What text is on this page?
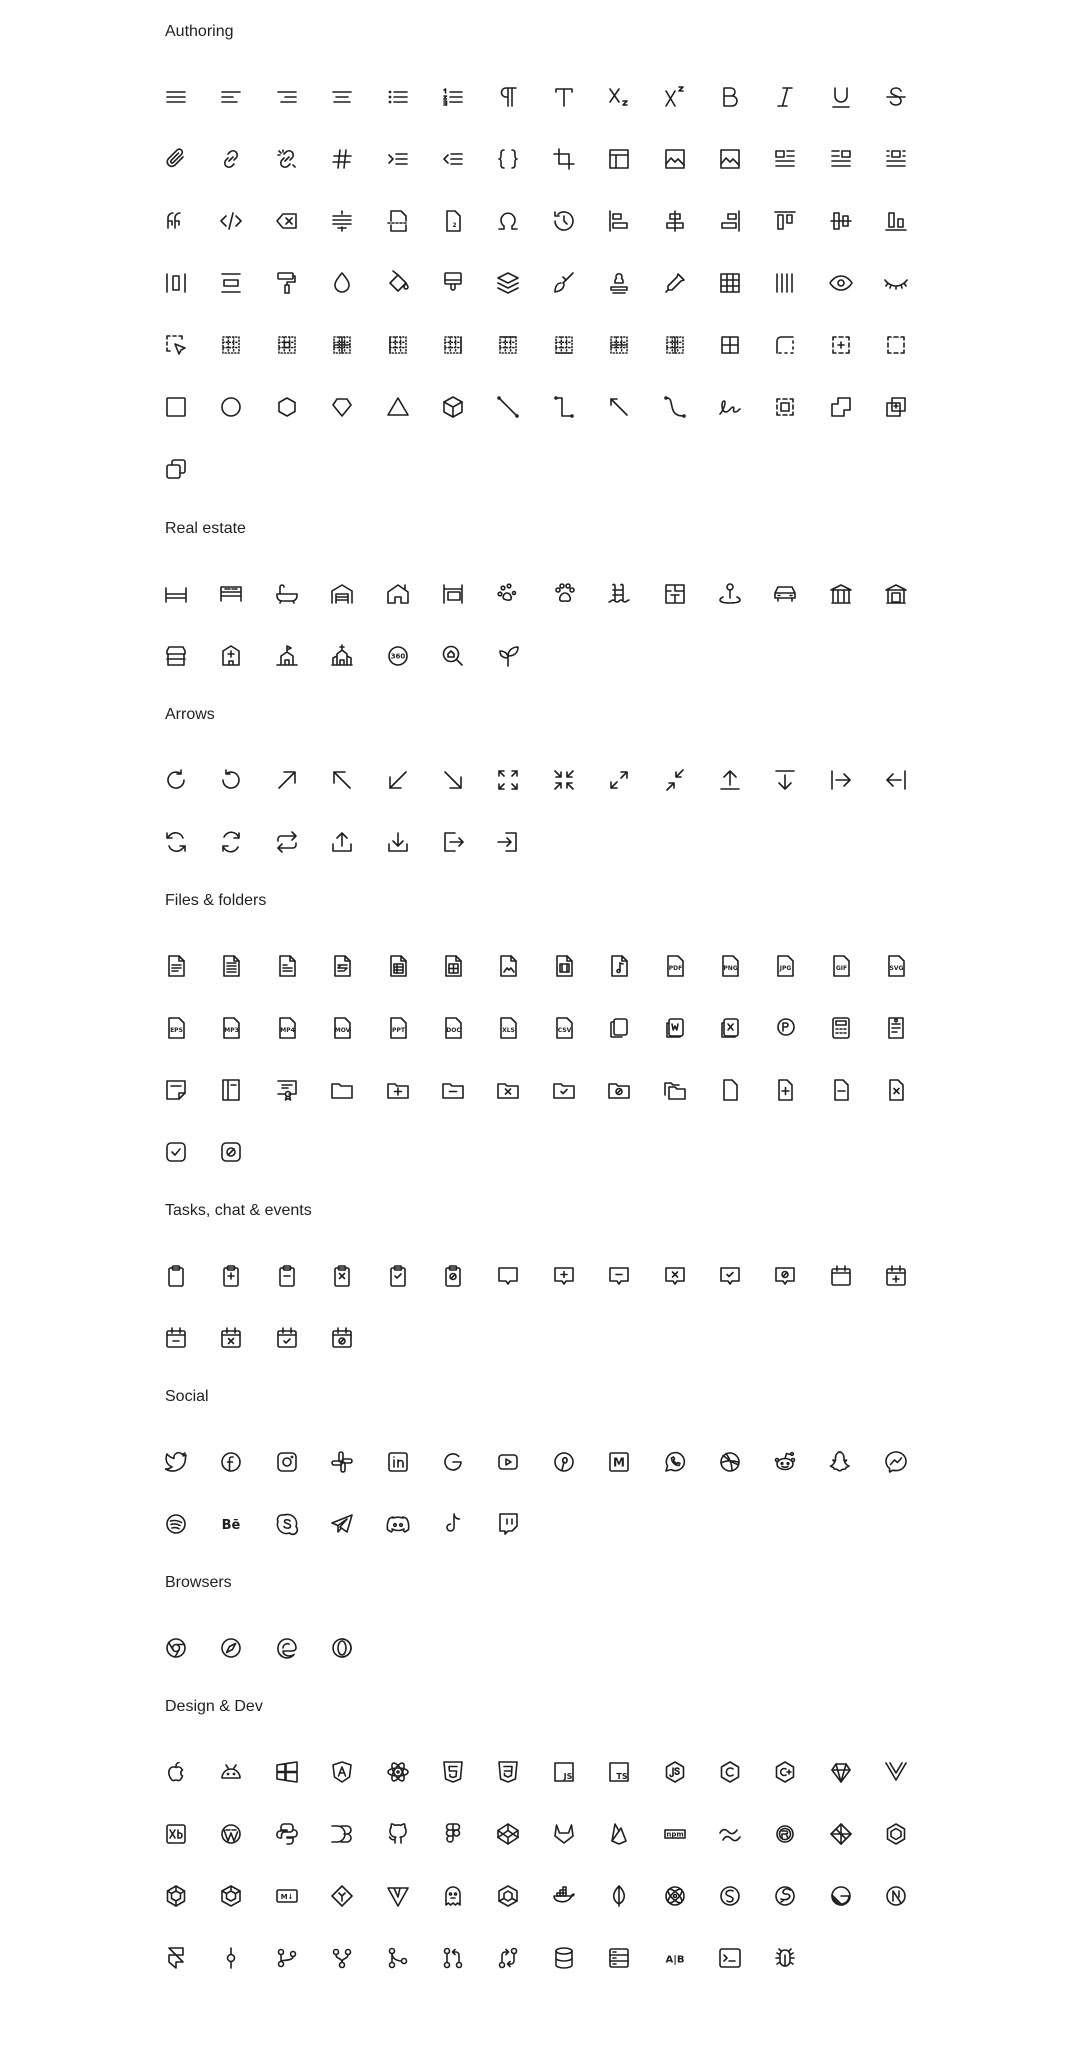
Authoring
2
Real estate
360
Arrows
Files & folders
PDF	PNG	JPG	GIF	SVG
EPS	MP3	MP4	MOV	PPT	DOC	XLS	CSV
Tasks, chat & events
Social
M
Bē
Browsers
Design & Dev
JS	TS
npm
M↓
A|B
